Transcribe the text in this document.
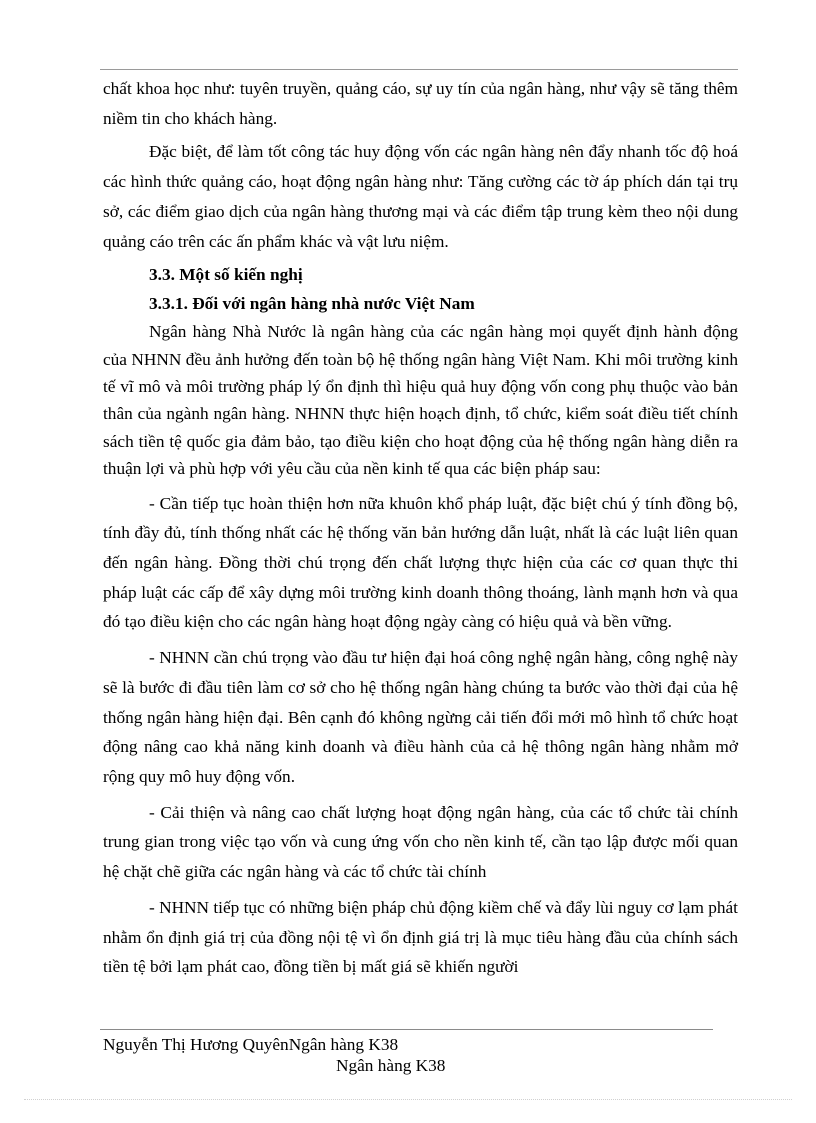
chất khoa học như: tuyên truyền, quảng cáo, sự uy tín của ngân hàng, như vậy sẽ tăng thêm niềm tin cho khách hàng.

Đặc biệt, để làm tốt công tác huy động vốn các ngân hàng nên đẩy nhanh tốc độ hoá các hình thức quảng cáo, hoạt động ngân hàng như: Tăng cường các tờ áp phích dán tại trụ sở, các điểm giao dịch của ngân hàng thương mại và các điểm tập trung kèm theo nội dung quảng cáo trên các ấn phẩm khác và vật lưu niệm.

3.3. Một số kiến nghị

3.3.1. Đối với ngân hàng nhà nước Việt Nam

Ngân hàng Nhà Nước là ngân hàng của các ngân hàng mọi quyết định hành động của NHNN đều ảnh hưởng đến toàn bộ hệ thống ngân hàng Việt Nam. Khi môi trường kinh tế vĩ mô và môi trường pháp lý ổn định thì hiệu quả huy động vốn cong phụ thuộc vào bản thân của ngành ngân hàng. NHNN thực hiện hoạch định, tổ chức, kiểm soát điều tiết chính sách tiền tệ quốc gia đảm bảo, tạo điều kiện cho hoạt động của hệ thống ngân hàng diễn ra thuận lợi và phù hợp với yêu cầu của nền kinh tế qua các biện pháp sau:

- Cần tiếp tục hoàn thiện hơn nữa khuôn khổ pháp luật, đặc biệt chú ý tính đồng bộ, tính đầy đủ, tính thống nhất các hệ thống văn bản hướng dẫn luật, nhất là các luật liên quan đến ngân hàng. Đồng thời chú trọng đến chất lượng thực hiện của các cơ quan thực thi pháp luật các cấp để xây dựng môi trường kinh doanh thông thoáng, lành mạnh hơn và qua đó tạo điều kiện cho các ngân hàng hoạt động ngày càng có hiệu quả và bền vững.

- NHNN cần chú trọng vào đầu tư hiện đại hoá công nghệ ngân hàng, công nghệ này sẽ là bước đi đầu tiên làm cơ sở cho hệ thống ngân hàng chúng ta bước vào thời đại của hệ thống ngân hàng hiện đại. Bên cạnh đó không ngừng cải tiến đổi mới mô hình tổ chức hoạt động nâng cao khả năng kinh doanh và điều hành của cả hệ thông ngân hàng nhằm mở rộng quy mô huy động vốn.

- Cải thiện và nâng cao chất lượng hoạt động ngân hàng, của các tổ chức tài chính trung gian trong việc tạo vốn và cung ứng vốn cho nền kinh tế, cần tạo lập được mối quan hệ chặt chẽ giữa các ngân hàng và các tổ chức tài chính

- NHNN tiếp tục có những biện pháp chủ động kiềm chế và đẩy lùi nguy cơ lạm phát nhằm ổn định giá trị của đồng nội tệ vì ổn định giá trị là mục tiêu hàng đầu của chính sách tiền tệ bởi lạm phát cao, đồng tiền bị mất giá sẽ khiến người

Nguyễn Thị Hương QuyênNgân hàng K38
Ngân hàng K38
